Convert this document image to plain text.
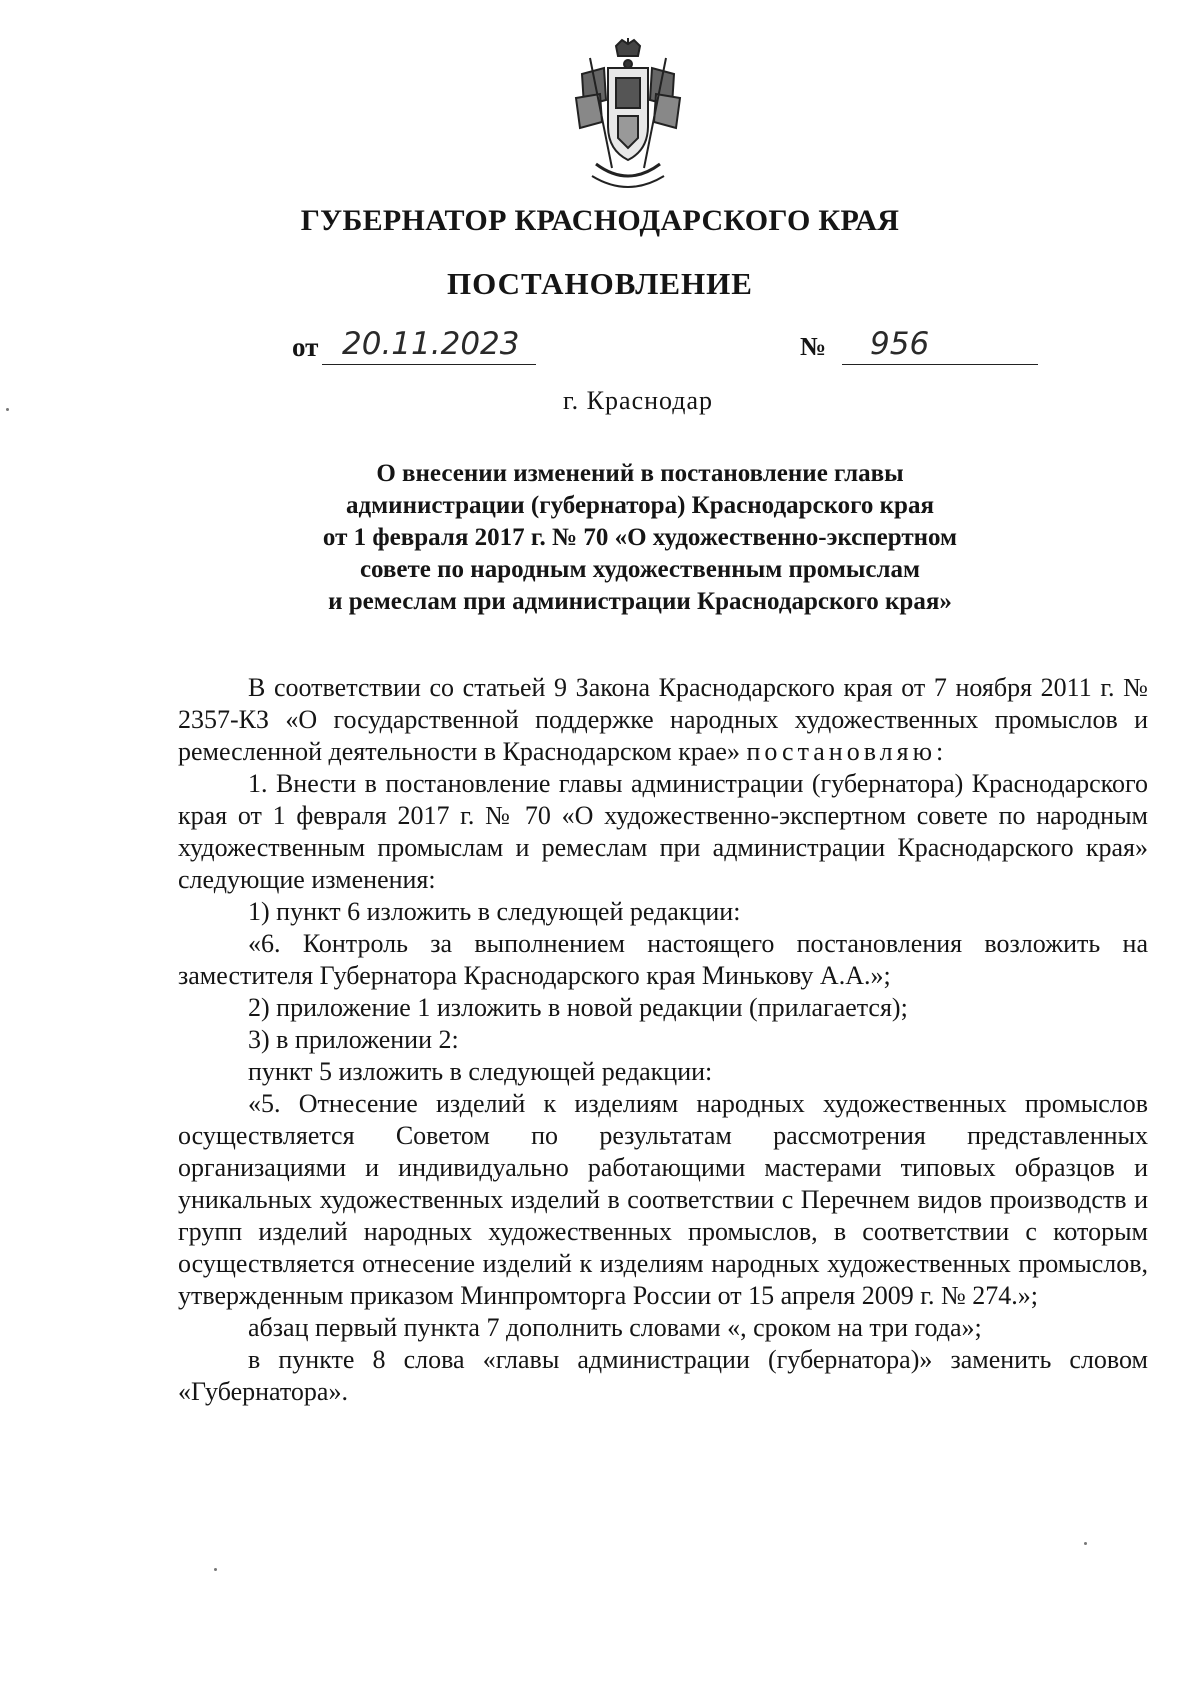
ГУБЕРНАТОР КРАСНОДАРСКОГО КРАЯ
ПОСТАНОВЛЕНИЕ
от 20.11.2023	№ 956
г. Краснодар
О внесении изменений в постановление главы
администрации (губернатора) Краснодарского края
от 1 февраля 2017 г. № 70 «О художественно-экспертном
совете по народным художественным промыслам
и ремеслам при администрации Краснодарского края»
В соответствии со статьей 9 Закона Краснодарского края от 7 ноября 2011 г. № 2357-КЗ «О государственной поддержке народных художественных промыслов и ремесленной деятельности в Краснодарском крае» постановляю:
1. Внести в постановление главы администрации (губернатора) Краснодарского края от 1 февраля 2017 г. № 70 «О художественно-экспертном совете по народным художественным промыслам и ремеслам при администрации Краснодарского края» следующие изменения:
1) пункт 6 изложить в следующей редакции:
«6. Контроль за выполнением настоящего постановления возложить на заместителя Губернатора Краснодарского края Минькову А.А.»;
2) приложение 1 изложить в новой редакции (прилагается);
3) в приложении 2:
пункт 5 изложить в следующей редакции:
«5. Отнесение изделий к изделиям народных художественных промыслов осуществляется Советом по результатам рассмотрения представленных организациями и индивидуально работающими мастерами типовых образцов и уникальных художественных изделий в соответствии с Перечнем видов производств и групп изделий народных художественных промыслов, в соответствии с которым осуществляется отнесение изделий к изделиям народных художественных промыслов, утвержденным приказом Минпромторга России от 15 апреля 2009 г. № 274.»;
абзац первый пункта 7 дополнить словами «, сроком на три года»;
в пункте 8 слова «главы администрации (губернатора)» заменить словом «Губернатора».
